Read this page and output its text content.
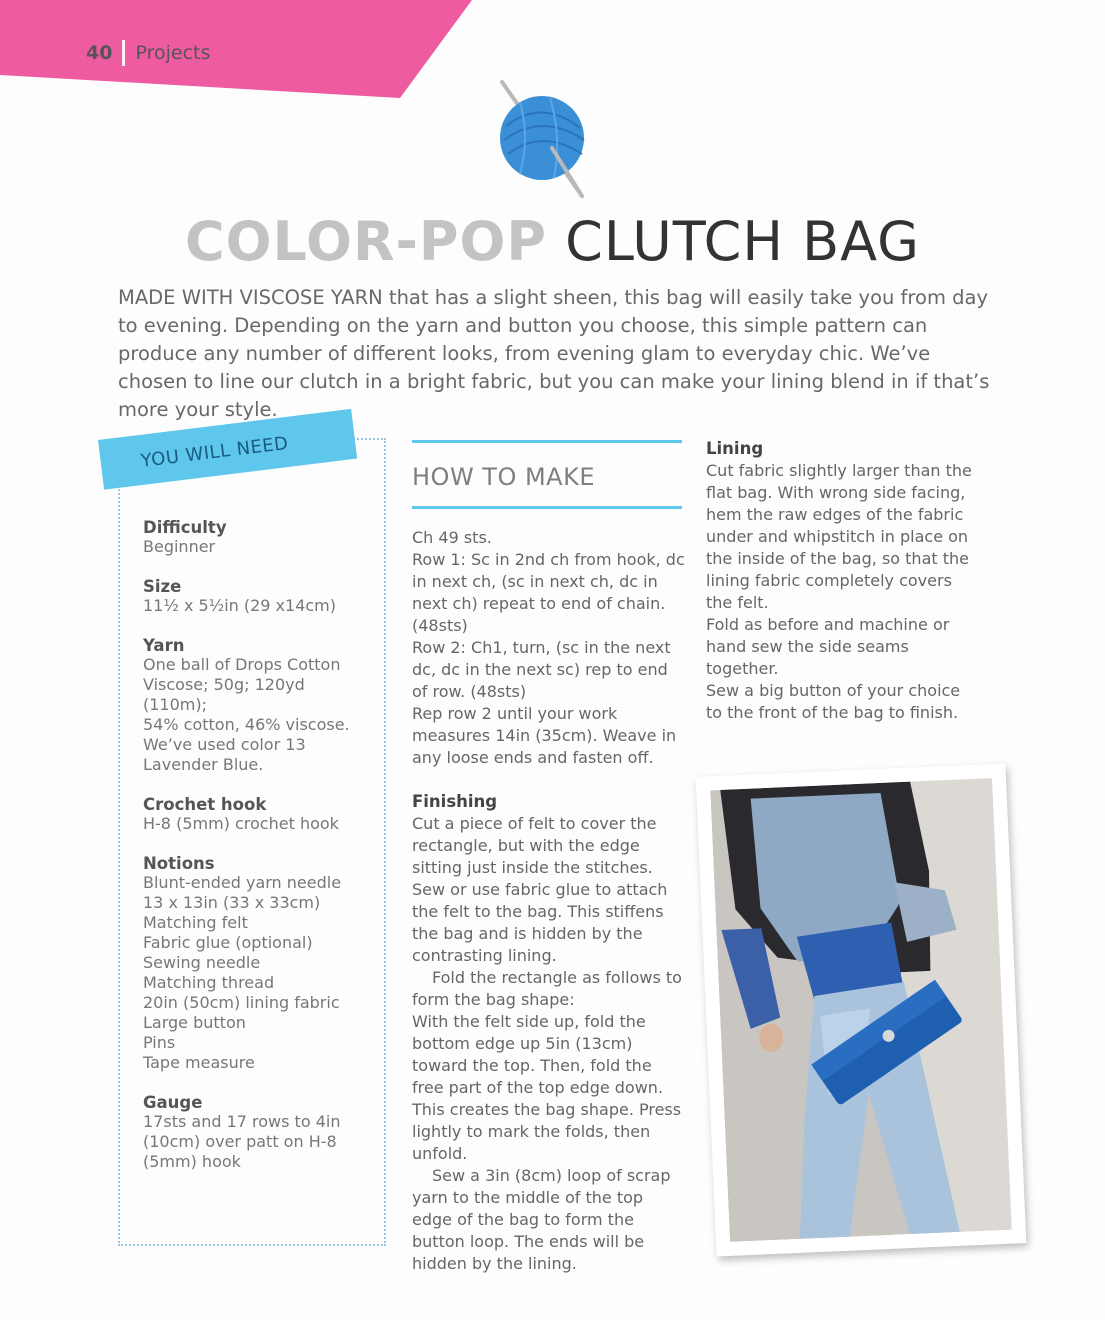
40 Projects
COLOR-POP CLUTCH BAG

MADE WITH VISCOSE YARN that has a slight sheen, this bag will easily take you from day to evening. Depending on the yarn and button you choose, this simple pattern can produce any number of different looks, from evening glam to everyday chic. We’ve chosen to line our clutch in a bright fabric, but you can make your lining blend in if that’s more your style.

YOU WILL NEED
Difficulty

Beginner

Size

11½ x 5½in (29 x14cm)

Yarn

One ball of Drops Cotton

Viscose; 50g; 120yd (110m);

54% cotton, 46% viscose.

We’ve used color 13

Lavender Blue.

Crochet hook

H-8 (5mm) crochet hook

Notions

Blunt-ended yarn needle

13 x 13in (33 x 33cm)

Matching felt

Fabric glue (optional)

Sewing needle

Matching thread

20in (50cm) lining fabric

Large button

Pins

Tape measure

Gauge

17sts and 17 rows to 4in

(10cm) over patt on H-8

(5mm) hook

HOW TO MAKE

Ch 49 sts.

Row 1: Sc in 2nd ch from hook, dc in next ch, (sc in next ch, dc in next ch) repeat to end of chain. (48sts)

Row 2: Ch1, turn, (sc in the next dc, dc in the next sc) rep to end of row. (48sts)

Rep row 2 until your work measures 14in (35cm). Weave in any loose ends and fasten off.

Finishing

Cut a piece of felt to cover the rectangle, but with the edge sitting just inside the stitches. Sew or use fabric glue to attach the felt to the bag. This stiffens the bag and is hidden by the contrasting lining.

Fold the rectangle as follows to form the bag shape:

With the felt side up, fold the bottom edge up 5in (13cm) toward the top. Then, fold the free part of the top edge down. This creates the bag shape. Press lightly to mark the folds, then unfold.

Sew a 3in (8cm) loop of scrap yarn to the middle of the top edge of the bag to form the button loop. The ends will be hidden by the lining.

Lining

Cut fabric slightly larger than the flat bag. With wrong side facing, hem the raw edges of the fabric under and whipstitch in place on the inside of the bag, so that the lining fabric completely covers the felt.

Fold as before and machine or hand sew the side seams together.

Sew a big button of your choice to the front of the bag to finish.
